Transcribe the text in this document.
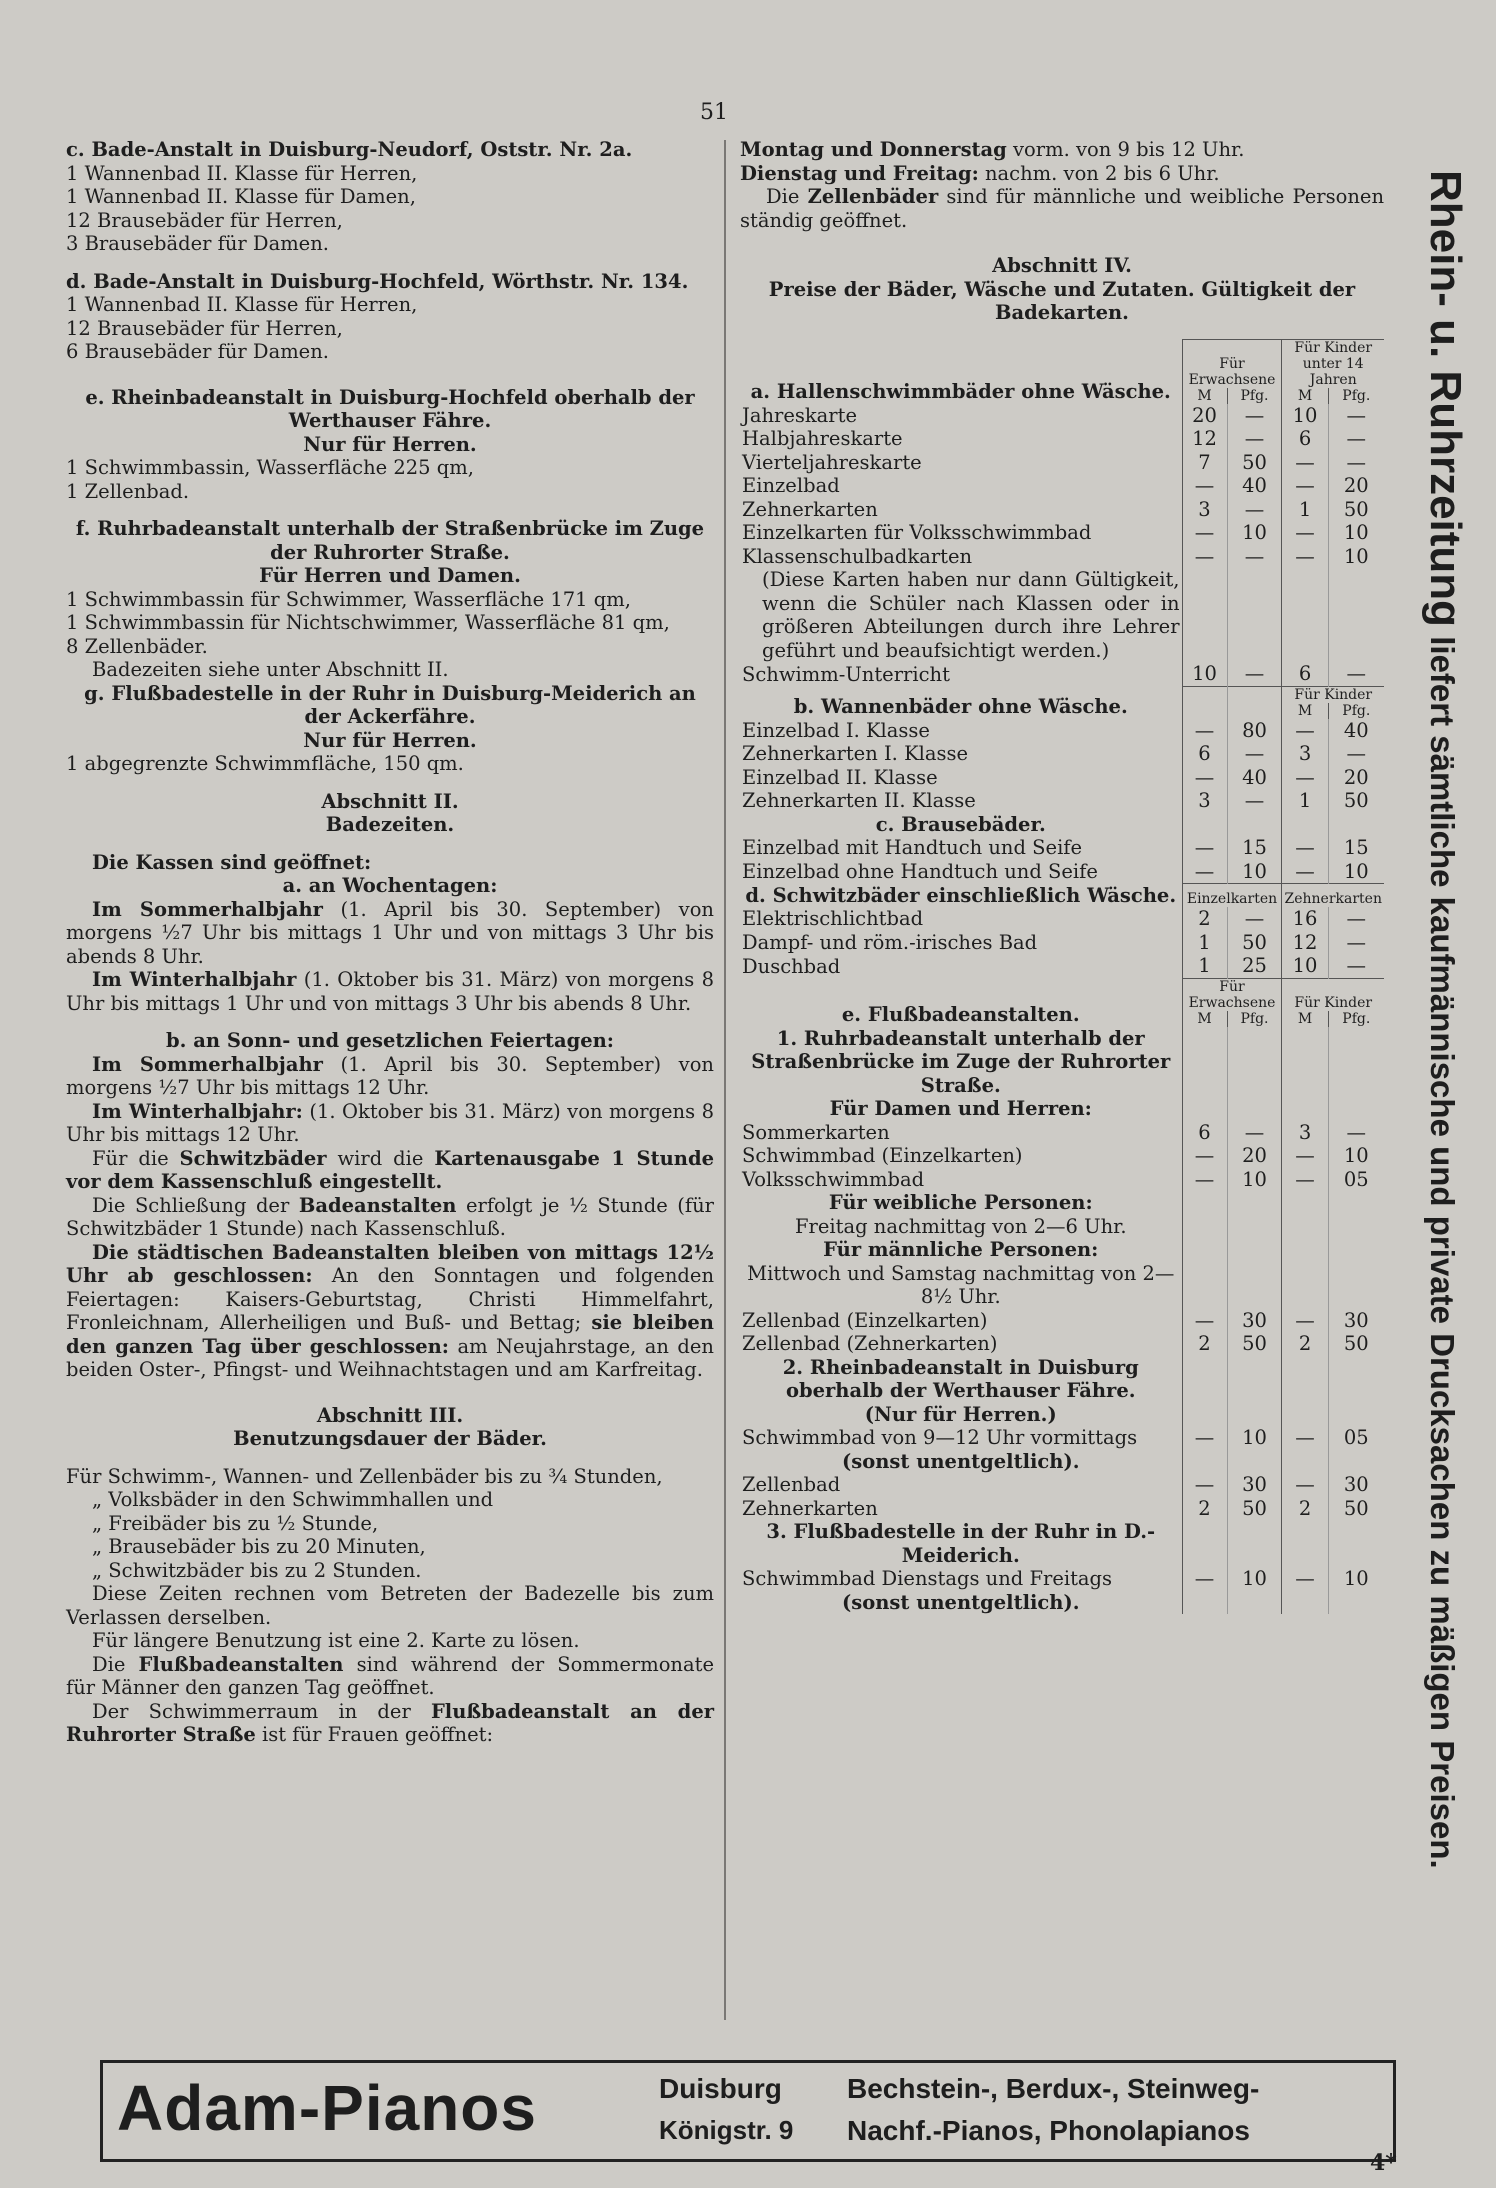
51
c. Bade-Anstalt in Duisburg-Neudorf, Oststr. Nr. 2a.
1 Wannenbad II. Klasse für Herren,
1 Wannenbad II. Klasse für Damen,
12 Brausebäder für Herren,
3 Brausebäder für Damen.
d. Bade-Anstalt in Duisburg-Hochfeld, Wörthstr. Nr. 134.
1 Wannenbad II. Klasse für Herren,
12 Brausebäder für Herren,
6 Brausebäder für Damen.
e. Rheinbadeanstalt in Duisburg-Hochfeld oberhalb der Werthauser Fähre.
Nur für Herren.
1 Schwimmbassin, Wasserfläche 225 qm,
1 Zellenbad.
f. Ruhrbadeanstalt unterhalb der Straßenbrücke im Zuge der Ruhrorter Straße.
Für Herren und Damen.
1 Schwimmbassin für Schwimmer, Wasserfläche 171 qm,
1 Schwimmbassin für Nichtschwimmer, Wasserfläche 81 qm,
8 Zellenbäder.
Badezeiten siehe unter Abschnitt II.
g. Flußbadestelle in der Ruhr in Duisburg-Meiderich an der Ackerfähre.
Nur für Herren.
1 abgegrenzte Schwimmfläche, 150 qm.
Abschnitt II.
Badezeiten.
Die Kassen sind geöffnet:
a. an Wochentagen:

Im Sommerhalbjahr (1. April bis 30. September) von morgens ½7 Uhr bis mittags 1 Uhr und von mittags 3 Uhr bis abends 8 Uhr.

Im Winterhalbjahr (1. Oktober bis 31. März) von morgens 8 Uhr bis mittags 1 Uhr und von mittags 3 Uhr bis abends 8 Uhr.

b. an Sonn- und gesetzlichen Feiertagen:

Im Sommerhalbjahr (1. April bis 30. September) von morgens ½7 Uhr bis mittags 12 Uhr.

Im Winterhalbjahr: (1. Oktober bis 31. März) von morgens 8 Uhr bis mittags 12 Uhr.

Für die Schwitzbäder wird die Kartenausgabe 1 Stunde vor dem Kassenschluß eingestellt.

Die Schließung der Badeanstalten erfolgt je ½ Stunde (für Schwitzbäder 1 Stunde) nach Kassenschluß.

Die städtischen Badeanstalten bleiben von mittags 12½ Uhr ab geschlossen: An den Sonntagen und folgenden Feiertagen: Kaisers-Geburtstag, Christi Himmelfahrt, Fronleichnam, Allerheiligen und Buß- und Bettag; sie bleiben den ganzen Tag über geschlossen: am Neujahrstage, an den beiden Oster-, Pfingst- und Weihnachtstagen und am Karfreitag.

Abschnitt III.
Benutzungsdauer der Bäder.
Für Schwimm-, Wannen- und Zellenbäder bis zu ¾ Stunden,
„ Volksbäder in den Schwimmhallen und
„ Freibäder bis zu ½ Stunde,
„ Brausebäder bis zu 20 Minuten,
„ Schwitzbäder bis zu 2 Stunden.

Diese Zeiten rechnen vom Betreten der Badezelle bis zum Verlassen derselben.

Für längere Benutzung ist eine 2. Karte zu lösen.

Die Flußbadeanstalten sind während der Sommermonate für Männer den ganzen Tag geöffnet.

Der Schwimmerraum in der Flußbadeanstalt an der Ruhrorter Straße ist für Frauen geöffnet:

Montag und Donnerstag vorm. von 9 bis 12 Uhr.

Dienstag und Freitag: nachm. von 2 bis 6 Uhr.

Die Zellenbäder sind für männliche und weibliche Personen ständig geöffnet.

Abschnitt IV.
Preise der Bäder, Wäsche und Zutaten. Gültigkeit der Badekarten.
a. Hallenschwimmbäder ohne Wäsche.	Für Erwachsene		Für Kinder unter 14 Jahren	
	M	Pfg.	M	Pfg.
Jahreskarte	20	—	10	—
Halbjahreskarte	12	—	6	—
Vierteljahreskarte	7	50	—	—
Einzelbad	—	40	—	20
Zehnerkarten	3	—	1	50
Einzelkarten für Volksschwimmbad	—	10	—	10
Klassenschulbadkarten	—	—	—	10
(Diese Karten haben nur dann Gültigkeit, wenn die Schüler nach Klassen oder in größeren Abteilungen durch ihre Lehrer geführt und beaufsichtigt werden.)				
Schwimm-Unterricht	10	—	6	—
b. Wannenbäder ohne Wäsche.			Für Kinder	
			M	Pfg.
Einzelbad I. Klasse	—	80	—	40
Zehnerkarten I. Klasse	6	—	3	—
Einzelbad II. Klasse	—	40	—	20
Zehnerkarten II. Klasse	3	—	1	50
c. Brausebäder.				
Einzelbad mit Handtuch und Seife	—	15	—	15
Einzelbad ohne Handtuch und Seife	—	10	—	10
d. Schwitzbäder einschließlich Wäsche.	Einzelkarten		Zehnerkarten	
Elektrischlichtbad	2	—	16	—
Dampf- und röm.-irisches Bad	1	50	12	—
Duschbad	1	25	10	—
e. Flußbadeanstalten.	Für Erwachsene		Für Kinder	
	M	Pfg.	M	Pfg.
1. Ruhrbadeanstalt unterhalb der Straßenbrücke im Zuge der Ruhrorter Straße.				
Für Damen und Herren:				
Sommerkarten	6	—	3	—
Schwimmbad (Einzelkarten)	—	20	—	10
Volksschwimmbad	—	10	—	05
Für weibliche Personen:				
Freitag nachmittag von 2—6 Uhr.				
Für männliche Personen:				
Mittwoch und Samstag nachmittag von 2—8½ Uhr.				
Zellenbad (Einzelkarten)	—	30	—	30
Zellenbad (Zehnerkarten)	2	50	2	50
2. Rheinbadeanstalt in Duisburg oberhalb der Werthauser Fähre.				
(Nur für Herren.)				
Schwimmbad von 9—12 Uhr vormittags	—	10	—	05
(sonst unentgeltlich).				
Zellenbad	—	30	—	30
Zehnerkarten	2	50	2	50
3. Flußbadestelle in der Ruhr in D.-Meiderich.				
Schwimmbad Dienstags und Freitags	—	10	—	10
(sonst unentgeltlich).				
Rhein- u. Ruhrzeitung liefert sämtliche kaufmännische und private Drucksachen zu mäßigen Preisen.
Adam-Pianos	Duisburg
Königstr. 9
Bechstein-, Berdux-, Steinweg-
Nachf.-Pianos, Phonolapianos
4*
